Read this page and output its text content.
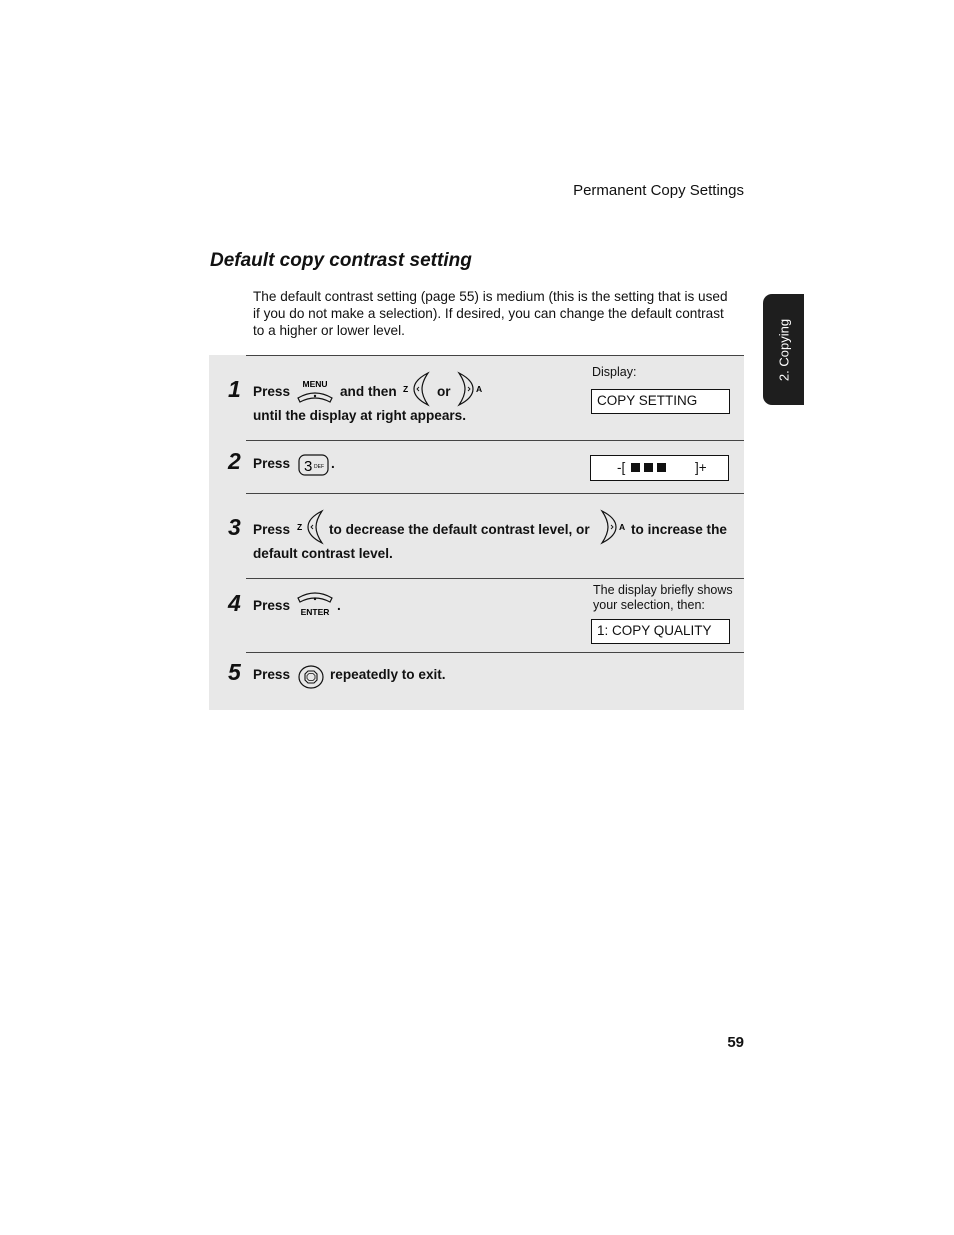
Permanent Copy Settings
Default copy contrast setting
The default contrast setting (page 55) is medium (this is the setting that is used if you do not make a selection). If desired, you can change the default contrast to a higher or lower level.	2. Copying
1 Press MENU and then Z or	A
until the display at right appears.
Display:
COPY SETTING
2 Press 3 DEF .	-[	]+
3 Press Z to decrease the default contrast level, or	A to increase the
default contrast level.
4 Press ENTER .
The display briefly shows your selection, then:
1: COPY QUALITY
5 Press	repeatedly to exit.
59
